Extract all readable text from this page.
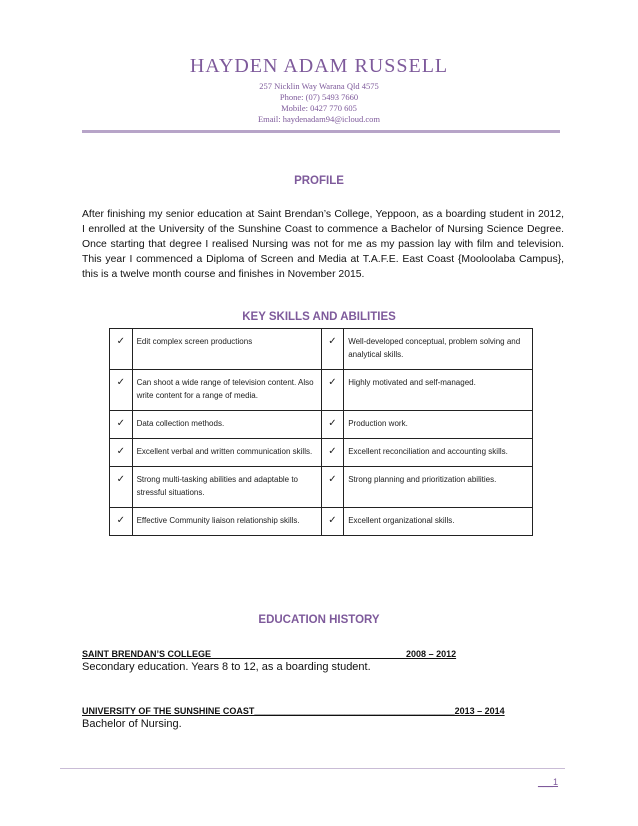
HAYDEN ADAM RUSSELL

257 Nicklin Way Warana Qld 4575

Phone: (07) 5493 7660

Mobile: 0427 770 605

Email: haydenadam94@icloud.com

PROFILE
After finishing my senior education at Saint Brendan’s College, Yeppoon, as a boarding student in 2012, I enrolled at the University of the Sunshine Coast to commence a Bachelor of Nursing Science Degree. Once starting that degree I realised Nursing was not for me as my passion lay with film and television. This year I commenced a Diploma of Screen and Media at T.A.F.E. East Coast {Mooloolaba Campus}, this is a twelve month course and finishes in November 2015.
KEY SKILLS AND ABILITIES
✓	Edit complex screen productions	✓	Well-developed conceptual, problem solving and analytical skills.
✓	Can shoot a wide range of television content. Also write content for a range of media.	✓	Highly motivated and self-managed.
✓	Data collection methods.	✓	Production work.
✓	Excellent verbal and written communication skills.	✓	Excellent reconciliation and accounting skills.
✓	Strong multi-tasking abilities and adaptable to stressful situations.	✓	Strong planning and prioritization abilities.
✓	Effective Community liaison relationship skills.	✓	Excellent organizational skills.
EDUCATION HISTORY
SAINT BRENDAN’S COLLEGE                                                                              2008 – 2012
Secondary education. Years 8 to 12, as a boarding student.
UNIVERSITY OF THE SUNSHINE COAST________________________________________2013 – 2014
Bachelor of Nursing.
___1
